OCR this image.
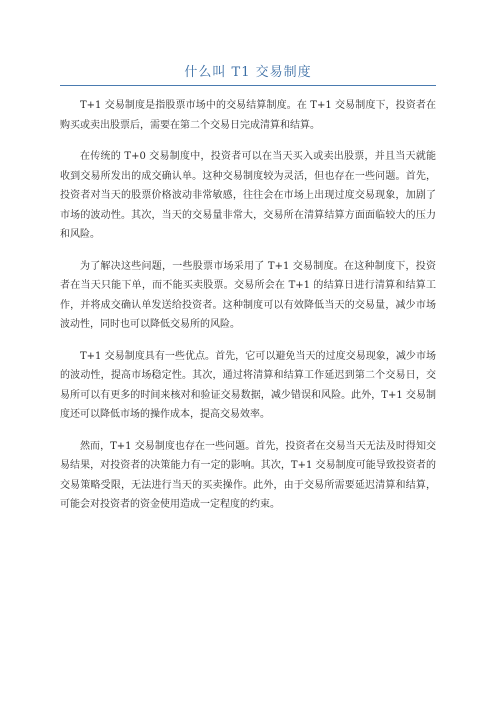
什么叫 T1 交易制度

T+1 交易制度是指股票市场中的交易结算制度。在 T+1 交易制度下，投资者在购买或卖出股票后，需要在第二个交易日完成清算和结算。

在传统的 T+0 交易制度中，投资者可以在当天买入或卖出股票，并且当天就能收到交易所发出的成交确认单。这种交易制度较为灵活，但也存在一些问题。首先，投资者对当天的股票价格波动非常敏感，往往会在市场上出现过度交易现象，加剧了市场的波动性。其次，当天的交易量非常大，交易所在清算结算方面面临较大的压力和风险。

为了解决这些问题，一些股票市场采用了 T+1 交易制度。在这种制度下，投资者在当天只能下单，而不能买卖股票。交易所会在 T+1 的结算日进行清算和结算工作，并将成交确认单发送给投资者。这种制度可以有效降低当天的交易量，减少市场波动性，同时也可以降低交易所的风险。

T+1 交易制度具有一些优点。首先，它可以避免当天的过度交易现象，减少市场的波动性，提高市场稳定性。其次，通过将清算和结算工作延迟到第二个交易日，交易所可以有更多的时间来核对和验证交易数据，减少错误和风险。此外，T+1 交易制度还可以降低市场的操作成本，提高交易效率。

然而，T+1 交易制度也存在一些问题。首先，投资者在交易当天无法及时得知交易结果，对投资者的决策能力有一定的影响。其次，T+1 交易制度可能导致投资者的交易策略受限，无法进行当天的买卖操作。此外，由于交易所需要延迟清算和结算，可能会对投资者的资金使用造成一定程度的约束。
